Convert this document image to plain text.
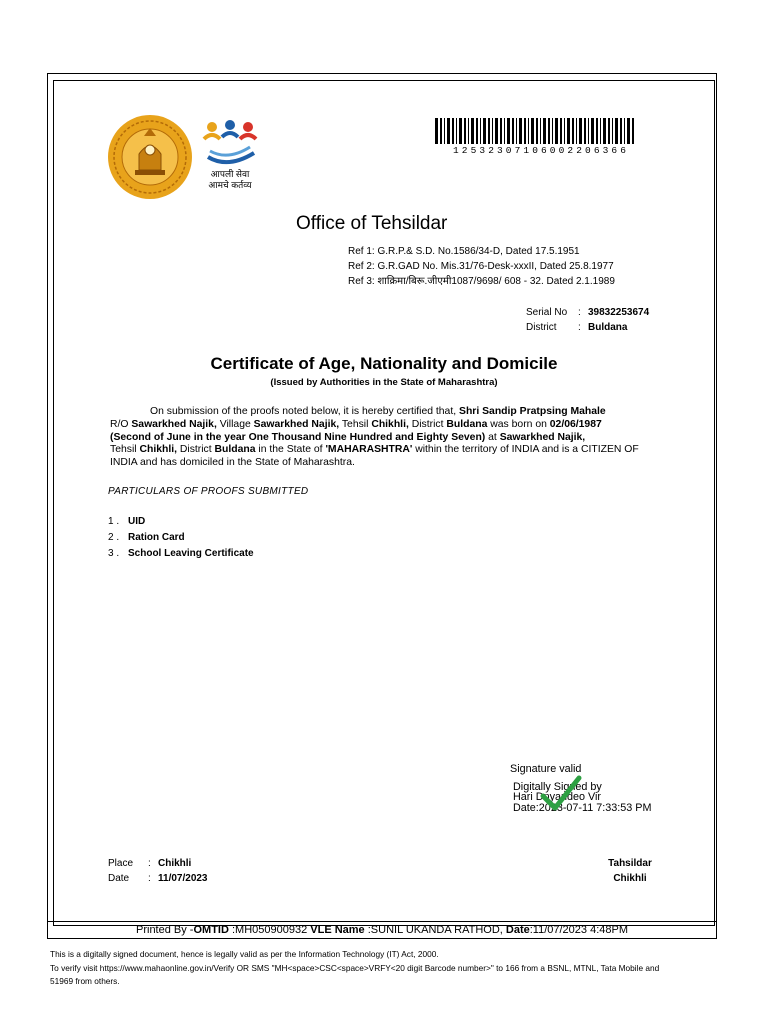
आपली सेवा
आमचे कर्तव्य
12532307106002206366
Office of Tehsildar
Ref 1: G.R.P.& S.D. No.1586/34-D, Dated 17.5.1951
Ref 2: G.R.GAD No. Mis.31/76-Desk-xxxII, Dated 25.8.1977
Ref 3: शाक्रिमा/बिरू.जीएमी1087/9698/ 608 - 32. Dated 2.1.1989
Serial No : 39832253674
District : Buldana
Certificate of Age, Nationality and Domicile
(Issued by Authorities in the State of Maharashtra)

On submission of the proofs noted below, it is hereby certified that, Shri Sandip Pratpsing Mahale
R/O Sawarkhed Najik, Village Sawarkhed Najik, Tehsil Chikhli, District Buldana was born on 02/06/1987
(Second of June in the year One Thousand Nine Hundred and Eighty Seven) at Sawarkhed Najik,
Tehsil Chikhli, District Buldana in the State of 'MAHARASHTRA' within the territory of INDIA and is a CITIZEN OF INDIA and has domiciled in the State of Maharashtra.

PARTICULARS OF PROOFS SUBMITTED
1 . UID
2 . Ration Card
3 . School Leaving Certificate
Signature valid
Digitally Signed by
Hari Dnyandeo Vir
Date:2023-07-11 7:33:53 PM
Place : Chikhli
Date : 11/07/2023
Tahsildar
Chikhli
Printed By -OMTID :MH050900932 VLE Name :SUNIL UKANDA RATHOD, Date:11/07/2023 4:48PM

This is a digitally signed document, hence is legally valid as per the Information Technology (IT) Act, 2000.

To verify visit https://www.mahaonline.gov.in/Verify OR SMS "MH<space>CSC<space>VRFY<20 digit Barcode number>" to 166 from a BSNL, MTNL, Tata Mobile and

51969 from others.
